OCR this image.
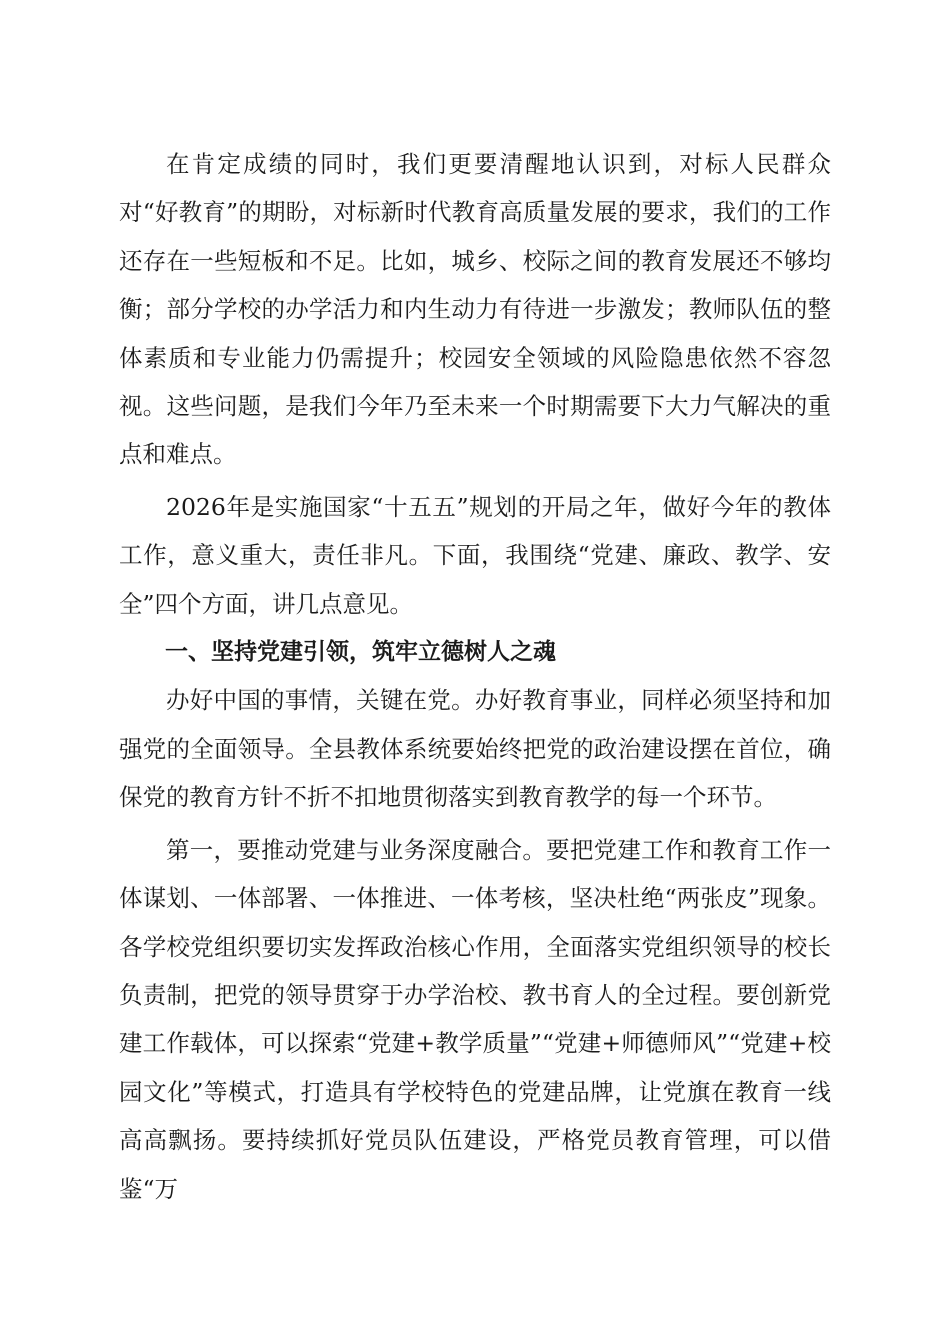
在肯定成绩的同时，我们更要清醒地认识到，对标人民群众对“好教育”的期盼，对标新时代教育高质量发展的要求，我们的工作还存在一些短板和不足。比如，城乡、校际之间的教育发展还不够均衡；部分学校的办学活力和内生动力有待进一步激发；教师队伍的整体素质和专业能力仍需提升；校园安全领域的风险隐患依然不容忽视。这些问题，是我们今年乃至未来一个时期需要下大力气解决的重点和难点。

2026年是实施国家“十五五”规划的开局之年，做好今年的教体工作，意义重大，责任非凡。下面，我围绕“党建、廉政、教学、安全”四个方面，讲几点意见。

一、坚持党建引领，筑牢立德树人之魂

办好中国的事情，关键在党。办好教育事业，同样必须坚持和加强党的全面领导。全县教体系统要始终把党的政治建设摆在首位，确保党的教育方针不折不扣地贯彻落实到教育教学的每一个环节。

第一，要推动党建与业务深度融合。要把党建工作和教育工作一体谋划、一体部署、一体推进、一体考核，坚决杜绝“两张皮”现象。各学校党组织要切实发挥政治核心作用，全面落实党组织领导的校长负责制，把党的领导贯穿于办学治校、教书育人的全过程。要创新党建工作载体，可以探索“党建+教学质量”“党建+师德师风”“党建+校园文化”等模式，打造具有学校特色的党建品牌，让党旗在教育一线高高飘扬。要持续抓好党员队伍建设，严格党员教育管理，可以借鉴“万
